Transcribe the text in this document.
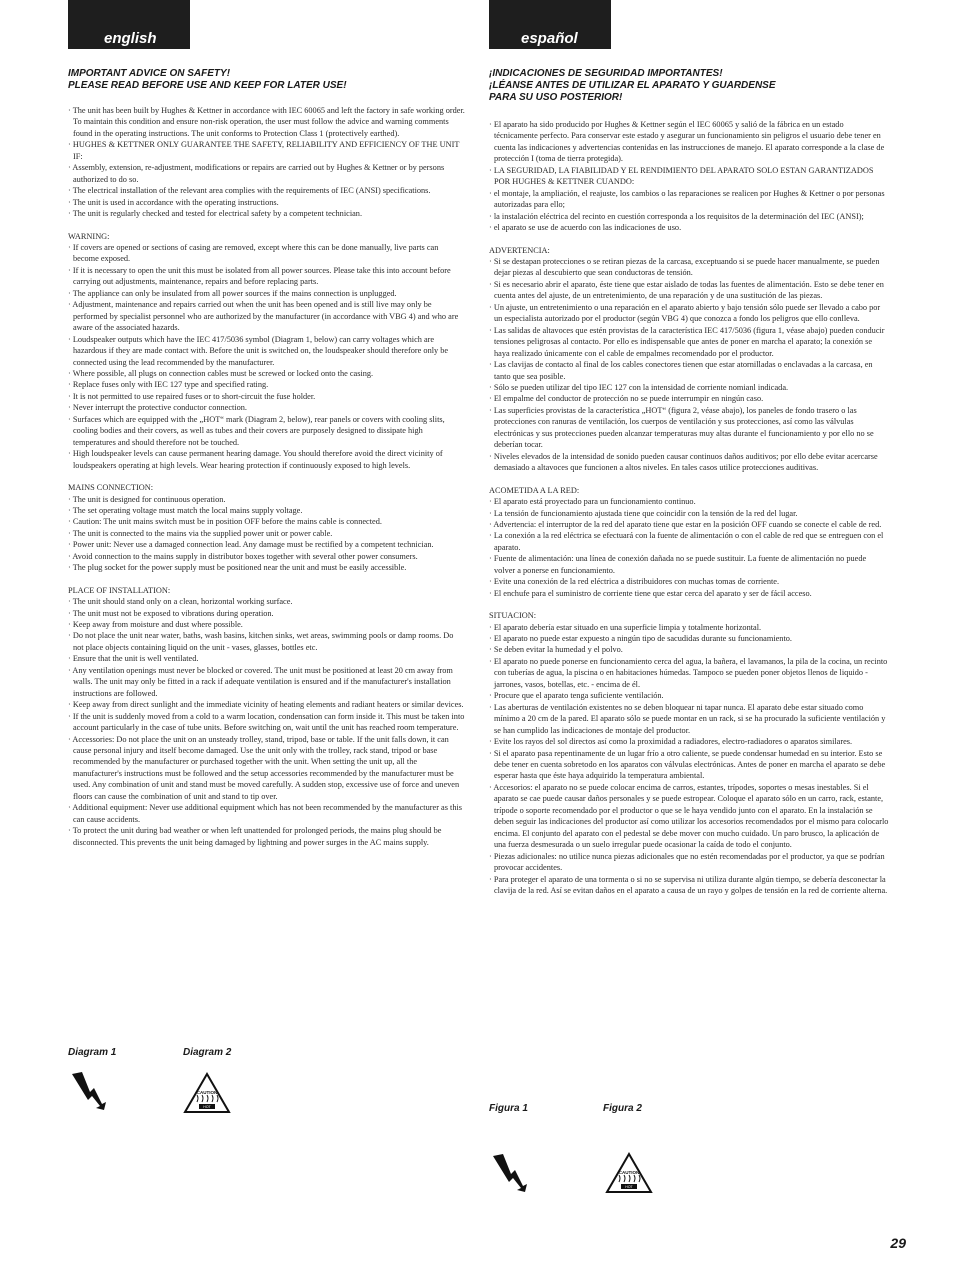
english
IMPORTANT ADVICE ON SAFETY!
PLEASE READ BEFORE USE AND KEEP FOR LATER USE!

· The unit has been built by Hughes & Kettner in accordance with IEC 60065 and left the factory in safe working order. To maintain this condition and ensure non-risk operation, the user must follow the advice and warning comments found in the operating instructions. The unit conforms to Protection Class 1 (protectively earthed).

· HUGHES & KETTNER ONLY GUARANTEE THE SAFETY, RELIABILITY AND EFFICIENCY OF THE UNIT IF:

· Assembly, extension, re-adjustment, modifications or repairs are carried out by Hughes & Kettner or by persons authorized to do so.

· The electrical installation of the relevant area complies with the requirements of IEC (ANSI) specifications.

· The unit is used in accordance with the operating instructions.

· The unit is regularly checked and tested for electrical safety by a competent technician.

WARNING:

· If covers are opened or sections of casing are removed, except where this can be done manually, live parts can become exposed.

· If it is necessary to open the unit this must be isolated from all power sources. Please take this into account before carrying out adjustments, maintenance, repairs and before replacing parts.

· The appliance can only be insulated from all power sources if the mains connection is unplugged.

· Adjustment, maintenance and repairs carried out when the unit has been opened and is still live may only be performed by specialist personnel who are authorized by the manufacturer (in accordance with VBG 4) and who are aware of the associated hazards.

· Loudspeaker outputs which have the IEC 417/5036 symbol (Diagram 1, below) can carry voltages which are hazardous if they are made contact with. Before the unit is switched on, the loudspeaker should therefore only be connected using the lead recommended by the manufacturer.

· Where possible, all plugs on connection cables must be screwed or locked onto the casing.

· Replace fuses only with IEC 127 type and specified rating.

· It is not permitted to use repaired fuses or to short-circuit the fuse holder.

· Never interrupt the protective conductor connection.

· Surfaces which are equipped with the „HOT“ mark (Diagram 2, below), rear panels or covers with cooling slits, cooling bodies and their covers, as well as tubes and their covers are purposely designed to dissipate high temperatures and should therefore not be touched.

· High loudspeaker levels can cause permanent hearing damage. You should therefore avoid the direct vicinity of loudspeakers operating at high levels. Wear hearing protection if continuously exposed to high levels.

MAINS CONNECTION:

· The unit is designed for continuous operation.

· The set operating voltage must match the local mains supply voltage.

· Caution: The unit mains switch must be in position OFF before the mains cable is connected.

· The unit is connected to the mains via the supplied power unit or power cable.

· Power unit: Never use a damaged connection lead. Any damage must be rectified by a competent technician.

· Avoid connection to the mains supply in distributor boxes together with several other power consumers.

· The plug socket for the power supply must be positioned near the unit and must be easily accessible.

PLACE OF INSTALLATION:

· The unit should stand only on a clean, horizontal working surface.

· The unit must not be exposed to vibrations during operation.

· Keep away from moisture and dust where possible.

· Do not place the unit near water, baths, wash basins, kitchen sinks, wet areas, swimming pools or damp rooms. Do not place objects containing liquid on the unit - vases, glasses, bottles etc.

· Ensure that the unit is well ventilated.

· Any ventilation openings must never be blocked or covered. The unit must be positioned at least 20 cm away from walls. The unit may only be fitted in a rack if adequate ventilation is ensured and if the manufacturer's installation instructions are followed.

· Keep away from direct sunlight and the immediate vicinity of heating elements and radiant heaters or similar devices.

· If the unit is suddenly moved from a cold to a warm location, condensation can form inside it. This must be taken into account particularly in the case of tube units. Before switching on, wait until the unit has reached room temperature.

· Accessories: Do not place the unit on an unsteady trolley, stand, tripod, base or table. If the unit falls down, it can cause personal injury and itself become damaged. Use the unit only with the trolley, rack stand, tripod or base recommended by the manufacturer or purchased together with the unit. When setting the unit up, all the manufacturer's instructions must be followed and the setup accessories recommended by the manufacturer must be used. Any combination of unit and stand must be moved carefully. A sudden stop, excessive use of force and uneven floors can cause the combination of unit and stand to tip over.

· Additional equipment: Never use additional equipment which has not been recommended by the manufacturer as this can cause accidents.

· To protect the unit during bad weather or when left unattended for prolonged periods, the mains plug should be disconnected. This prevents the unit being damaged by lightning and power surges in the AC mains supply.

Diagram 1	Diagram 2
CAUTION
HOT
español
¡INDICACIONES DE SEGURIDAD IMPORTANTES!
¡LÉANSE ANTES DE UTILIZAR EL APARATO Y GUARDENSE
PARA SU USO POSTERIOR!

· El aparato ha sido producido por Hughes & Kettner según el IEC 60065 y salió de la fábrica en un estado técnicamente perfecto. Para conservar este estado y asegurar un funcionamiento sin peligros el usuario debe tener en cuenta las indicaciones y advertencias contenidas en las instrucciones de manejo. El aparato corresponde a la clase de protección I (toma de tierra protegida).

· LA SEGURIDAD, LA FIABILIDAD Y EL RENDIMIENTO DEL APARATO SOLO ESTAN GARANTIZADOS POR HUGHES & KETTNER CUANDO:

· el montaje, la ampliación, el reajuste, los cambios o las reparaciones se realicen por Hughes & Kettner o por personas autorizadas para ello;

· la instalación eléctrica del recinto en cuestión corresponda a los requisitos de la determinación del IEC (ANSI);

· el aparato se use de acuerdo con las indicaciones de uso.

ADVERTENCIA:

· Si se destapan protecciones o se retiran piezas de la carcasa, exceptuando si se puede hacer manualmente, se pueden dejar piezas al descubierto que sean conductoras de tensión.

· Si es necesario abrir el aparato, éste tiene que estar aislado de todas las fuentes de alimentación. Esto se debe tener en cuenta antes del ajuste, de un entretenimiento, de una reparación y de una sustitución de las piezas.

· Un ajuste, un entretenimiento o una reparación en el aparato abierto y bajo tensión sólo puede ser llevado a cabo por un especialista autorizado por el productor (según VBG 4) que conozca a fondo los peligros que ello conlleva.

· Las salidas de altavoces que estén provistas de la característica IEC 417/5036 (figura 1, véase abajo) pueden conducir tensiones peligrosas al contacto. Por ello es indispensable que antes de poner en marcha el aparato; la conexión se haya realizado únicamente con el cable de empalmes recomendado por el productor.

· Las clavijas de contacto al final de los cables conectores tienen que estar atornilladas o enclavadas a la carcasa, en tanto que sea posible.

· Sólo se pueden utilizar del tipo IEC 127 con la intensidad de corriente nomianl indicada.

· El empalme del conductor de protección no se puede interrumpir en ningún caso.

· Las superficies provistas de la característica „HOT“ (figura 2, véase abajo), los paneles de fondo trasero o las protecciones con ranuras de ventilación, los cuerpos de ventilación y sus protecciones, así como las válvulas electrónicas y sus protecciones pueden alcanzar temperaturas muy altas durante el funcionamiento y por ello no se deberían tocar.

· Niveles elevados de la intensidad de sonido pueden causar continuos daños auditivos; por ello debe evitar acercarse demasiado a altavoces que funcionen a altos niveles. En tales casos utilice protecciones auditivas.

ACOMETIDA A LA RED:

· El aparato está proyectado para un funcionamiento continuo.

· La tensión de funcionamiento ajustada tiene que coincidir con la tensión de la red del lugar.

· Advertencia: el interruptor de la red del aparato tiene que estar en la posición OFF cuando se conecte el cable de red.

· La conexión a la red eléctrica se efectuará con la fuente de alimentación o con el cable de red que se entreguen con el aparato.

· Fuente de alimentación: una línea de conexión dañada no se puede sustituir. La fuente de alimentación no puede volver a ponerse en funcionamiento.

· Evite una conexión de la red eléctrica a distribuidores con muchas tomas de corriente.

· El enchufe para el suministro de corriente tiene que estar cerca del aparato y ser de fácil acceso.

SITUACION:

· El aparato debería estar situado en una superficie limpia y totalmente horizontal.

· El aparato no puede estar expuesto a ningún tipo de sacudidas durante su funcionamiento.

· Se deben evitar la humedad y el polvo.

· El aparato no puede ponerse en funcionamiento cerca del agua, la bañera, el lavamanos, la pila de la cocina, un recinto con tuberías de agua, la piscina o en habitaciones húmedas. Tampoco se pueden poner objetos llenos de liquido - jarrones, vasos, botellas, etc. - encima de él.

· Procure que el aparato tenga suficiente ventilación.

· Las aberturas de ventilación existentes no se deben bloquear ni tapar nunca. El aparato debe estar situado como mínimo a 20 cm de la pared. El aparato sólo se puede montar en un rack, si se ha procurado la suficiente ventilación y se han cumplido las indicaciones de montaje del productor.

· Evite los rayos del sol directos así como la proximidad a radiadores, electro-radiadores o aparatos similares.

· Si el aparato pasa repentinamente de un lugar frío a otro caliente, se puede condensar humedad en su interior. Esto se debe tener en cuenta sobretodo en los aparatos con válvulas electrónicas. Antes de poner en marcha el aparato se debe esperar hasta que éste haya adquirido la temperatura ambiental.

· Accesorios: el aparato no se puede colocar encima de carros, estantes, trípodes, soportes o mesas inestables. Si el aparato se cae puede causar daños personales y se puede estropear. Coloque el aparato sólo en un carro, rack, estante, trípode o soporte recomendado por el productor o que se le haya vendido junto con el aparato. En la instalación se deben seguir las indicaciones del productor así como utilizar los accesorios recomendados por el mismo para colocarlo encima. El conjunto del aparato con el pedestal se debe mover con mucho cuidado. Un paro brusco, la aplicación de una fuerza desmesurada o un suelo irregular puede ocasionar la caída de todo el conjunto.

· Piezas adicionales: no utilice nunca piezas adicionales que no estén recomendadas por el productor, ya que se podrían provocar accidentes.

· Para proteger el aparato de una tormenta o si no se supervisa ni utiliza durante algún tiempo, se debería desconectar la clavija de la red. Así se evitan daños en el aparato a causa de un rayo y golpes de tensión en la red de corriente alterna.

Figura 1	Figura 2
CAUTION
HOT
29
